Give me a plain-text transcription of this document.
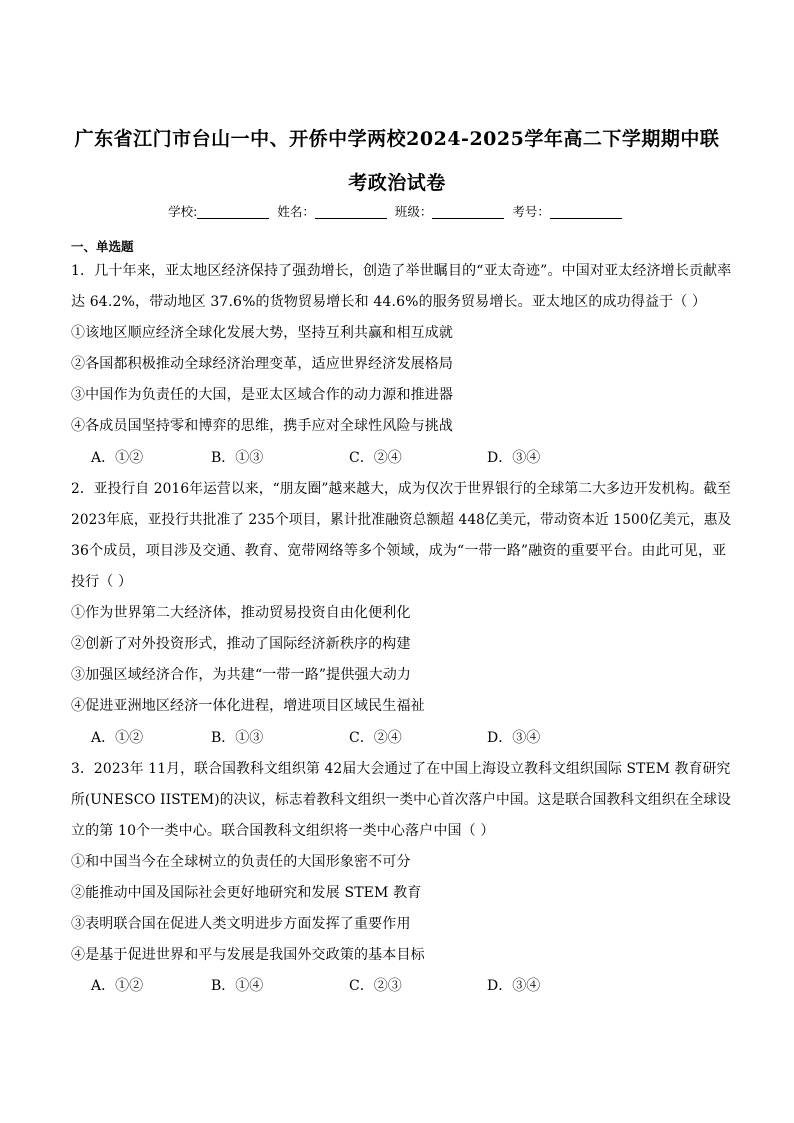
广东省江门市台山一中、开侨中学两校2024-2025学年高二下学期期中联
考政治试卷
学校:	姓名：	班级：	考号：
一、单选题
1．几十年来，亚太地区经济保持了强劲增长，创造了举世瞩目的“亚太奇迹”。中国对亚太经济增长贡献率
达 64.2%，带动地区 37.6%的货物贸易增长和 44.6%的服务贸易增长。亚太地区的成功得益于（ ）
①该地区顺应经济全球化发展大势，坚持互利共赢和相互成就
②各国都积极推动全球经济治理变革，适应世界经济发展格局
③中国作为负责任的大国，是亚太区域合作的动力源和推进器
④各成员国坚持零和博弈的思维，携手应对全球性风险与挑战
A．①②	B．①③	C．②④	D．③④
2．亚投行自 2016年运营以来，“朋友圈”越来越大，成为仅次于世界银行的全球第二大多边开发机构。截至
2023年底，亚投行共批准了 235个项目，累计批准融资总额超 448亿美元，带动资本近 1500亿美元，惠及
36个成员，项目涉及交通、教育、宽带网络等多个领域，成为“一带一路”融资的重要平台。由此可见，亚
投行（ ）
①作为世界第二大经济体，推动贸易投资自由化便利化
②创新了对外投资形式，推动了国际经济新秩序的构建
③加强区域经济合作，为共建“一带一路”提供强大动力
④促进亚洲地区经济一体化进程，增进项目区域民生福祉
A．①②	B．①③	C．②④	D．③④
3．2023年 11月，联合国教科文组织第 42届大会通过了在中国上海设立教科文组织国际 STEM 教育研究
所(UNESCO IISTEM)的决议，标志着教科文组织一类中心首次落户中国。这是联合国教科文组织在全球设
立的第 10个一类中心。联合国教科文组织将一类中心落户中国（ ）
①和中国当今在全球树立的负责任的大国形象密不可分
②能推动中国及国际社会更好地研究和发展 STEM 教育
③表明联合国在促进人类文明进步方面发挥了重要作用
④是基于促进世界和平与发展是我国外交政策的基本目标
A．①②	B．①④	C．②③	D．③④
